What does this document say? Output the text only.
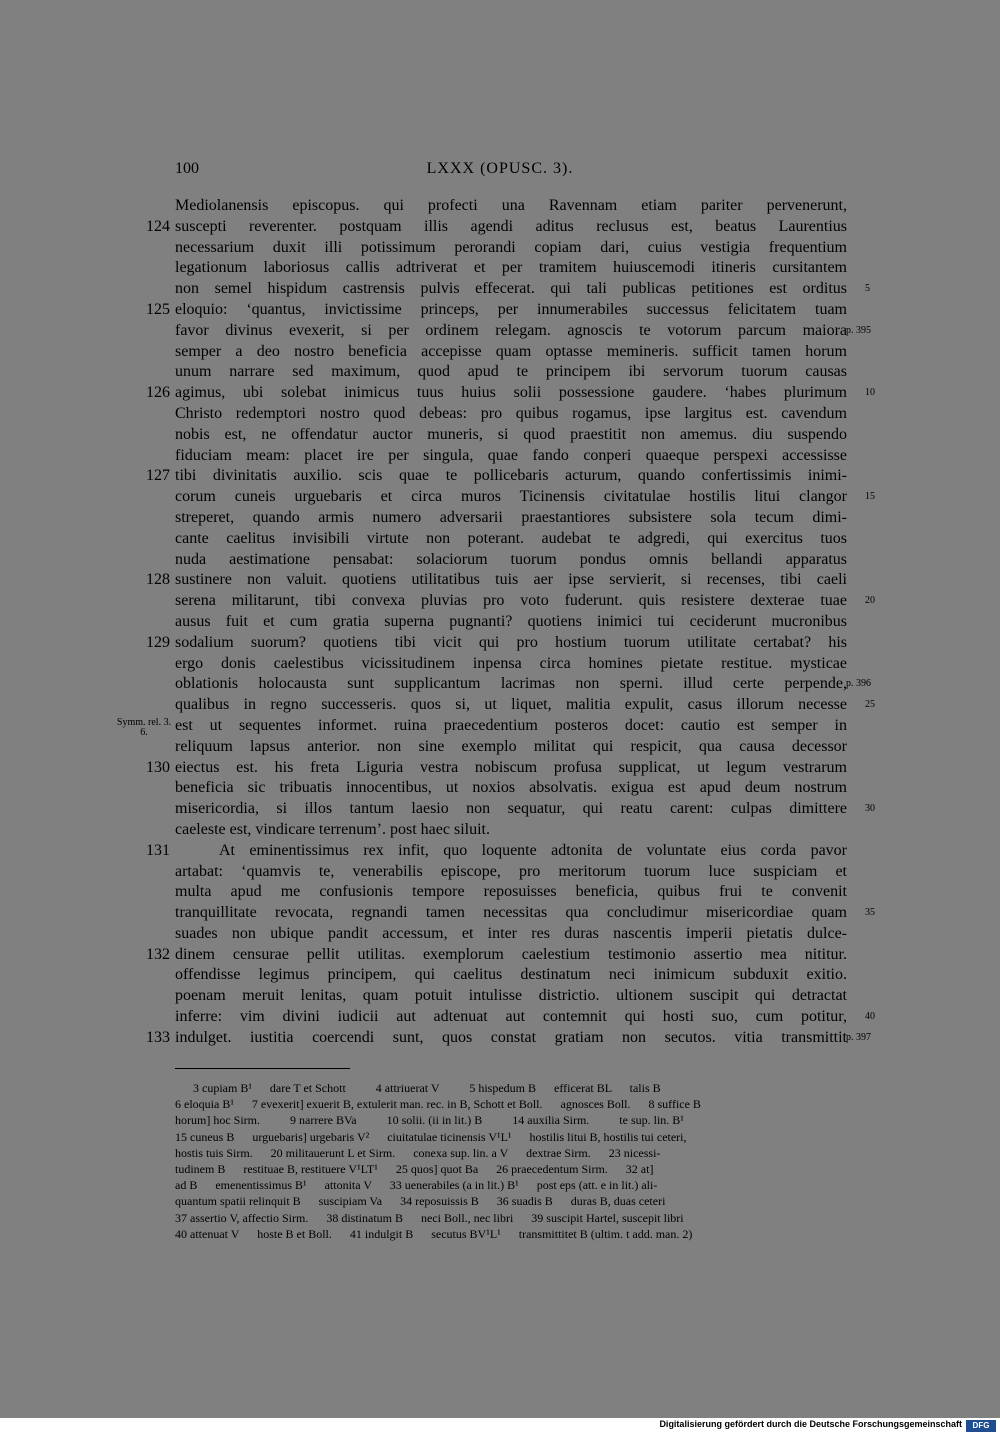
100	LXXX (OPUSC. 3).
Mediolanensis episcopus. qui profecti una Ravennam etiam pariter pervenerunt,
124 suscepti reverenter. postquam illis agendi aditus reclusus est, beatus Laurentius
necessarium duxit illi potissimum perorandi copiam dari, cuius vestigia frequentium
legationum laboriosus callis adtriverat et per tramitem huiuscemodi itineris cursitantem
non semel hispidum castrensis pulvis effecerat. qui tali publicas petitiones est orditus 5
125 eloquio: ‘quantus, invictissime princeps, per innumerabiles successus felicitatem tuam
favor divinus evexerit, si per ordinem relegam. agnoscis te votorum parcum maiora p. 395
semper a deo nostro beneficia accepisse quam optasse memineris. sufficit tamen horum
unum narrare sed maximum, quod apud te principem ibi servorum tuorum causas
126 agimus, ubi solebat inimicus tuus huius solii possessione gaudere. ‘habes plurimum 10
Christo redemptori nostro quod debeas: pro quibus rogamus, ipse largitus est. cavendum
nobis est, ne offendatur auctor muneris, si quod praestitit non amemus. diu suspendo
fiduciam meam: placet ire per singula, quae fando conperi quaeque perspexi accessisse
127 tibi divinitatis auxilio. scis quae te pollicebaris acturum, quando confertissimis inimi-
corum cuneis urguebaris et circa muros Ticinensis civitatulae hostilis litui clangor 15
streperet, quando armis numero adversarii praestantiores subsistere sola tecum dimi-
cante caelitus invisibili virtute non poterant. audebat te adgredi, qui exercitus tuos
nuda aestimatione pensabat: solaciorum tuorum pondus omnis bellandi apparatus
128 sustinere non valuit. quotiens utilitatibus tuis aer ipse servierit, si recenses, tibi caeli
serena militarunt, tibi convexa pluvias pro voto fuderunt. quis resistere dexterae tuae 20
ausus fuit et cum gratia superna pugnanti? quotiens inimici tui ceciderunt mucronibus
129 sodalium suorum? quotiens tibi vicit qui pro hostium tuorum utilitate certabat? his
ergo donis caelestibus vicissitudinem inpensa circa homines pietate restitue. mysticae
oblationis holocausta sunt supplicantum lacrimas non sperni. illud certe perpende, p. 396
qualibus in regno successeris. quos si, ut liquet, malitia expulit, casus illorum necesse 25
Symm. rel. 3. 6.	est ut sequentes informet. ruina praecedentium posteros docet: cautio est semper in
reliquum lapsus anterior. non sine exemplo militat qui respicit, qua causa decessor
130 eiectus est. his freta Liguria vestra nobiscum profusa supplicat, ut legum vestrarum
beneficia sic tribuatis innocentibus, ut noxios absolvatis. exigua est apud deum nostrum
misericordia, si illos tantum laesio non sequatur, qui reatu carent: culpas dimittere 30
caeleste est, vindicare terrenum’. post haec siluit.
131	At eminentissimus rex infit, quo loquente adtonita de voluntate eius corda pavor
artabat: ‘quamvis te, venerabilis episcope, pro meritorum tuorum luce suspiciam et
multa apud me confusionis tempore reposuisses beneficia, quibus frui te convenit
tranquillitate revocata, regnandi tamen necessitas qua concludimur misericordiae quam 35
suades non ubique pandit accessum, et inter res duras nascentis imperii pietatis dulce-
132 dinem censurae pellit utilitas. exemplorum caelestium testimonio assertio mea nititur.
offendisse legimus principem, qui caelitus destinatum neci inimicum subduxit exitio.
poenam meruit lenitas, quam potuit intulisse districtio. ultionem suscipit qui detractat
inferre: vim divini iudicii aut adtenuat aut contemnit qui hosti suo, cum potitur, 40
133 indulget. iustitia coercendi sunt, quos constat gratiam non secutos. vitia transmittit p. 397
3 cupiam B¹      dare T et Schott          4 attriuerat V          5 hispedum B      efficerat BL      talis B
6 eloquia B¹      7 evexerit] exuerit B, extulerit man. rec. in B, Schott et Boll.      agnosces Boll.      8 suffice B
horum] hoc Sirm.          9 narrere BVa          10 solii. (ii in lit.) B          14 auxilia Sirm.          te sup. lin. B¹
15 cuneus B      urguebaris] urgebaris V²      ciuitatulae ticinensis V¹L¹      hostilis litui B, hostilis tui ceteri,
hostis tuis Sirm.      20 militauerunt L et Sirm.      conexa sup. lin. a V      dextrae Sirm.      23 nicessi-
tudinem B      restituae B, restituere V¹LT¹      25 quos] quot Ba      26 praecedentum Sirm.      32 at]
ad B      emenentissimus B¹      attonita V      33 uenerabiles (a in lit.) B¹      post eps (att. e in lit.) ali-
quantum spatii relinquit B      suscipiam Va      34 reposuissis B      36 suadis B      duras B, duas ceteri
37 assertio V, affectio Sirm.      38 distinatum B      neci Boll., nec libri      39 suscipit Hartel, suscepit libri
40 attenuat V      hoste B et Boll.      41 indulgit B      secutus BV¹L¹      transmittitet B (ultim. t add. man. 2)
Digitalisierung gefördert durch die Deutsche Forschungsgemeinschaft	DFG
